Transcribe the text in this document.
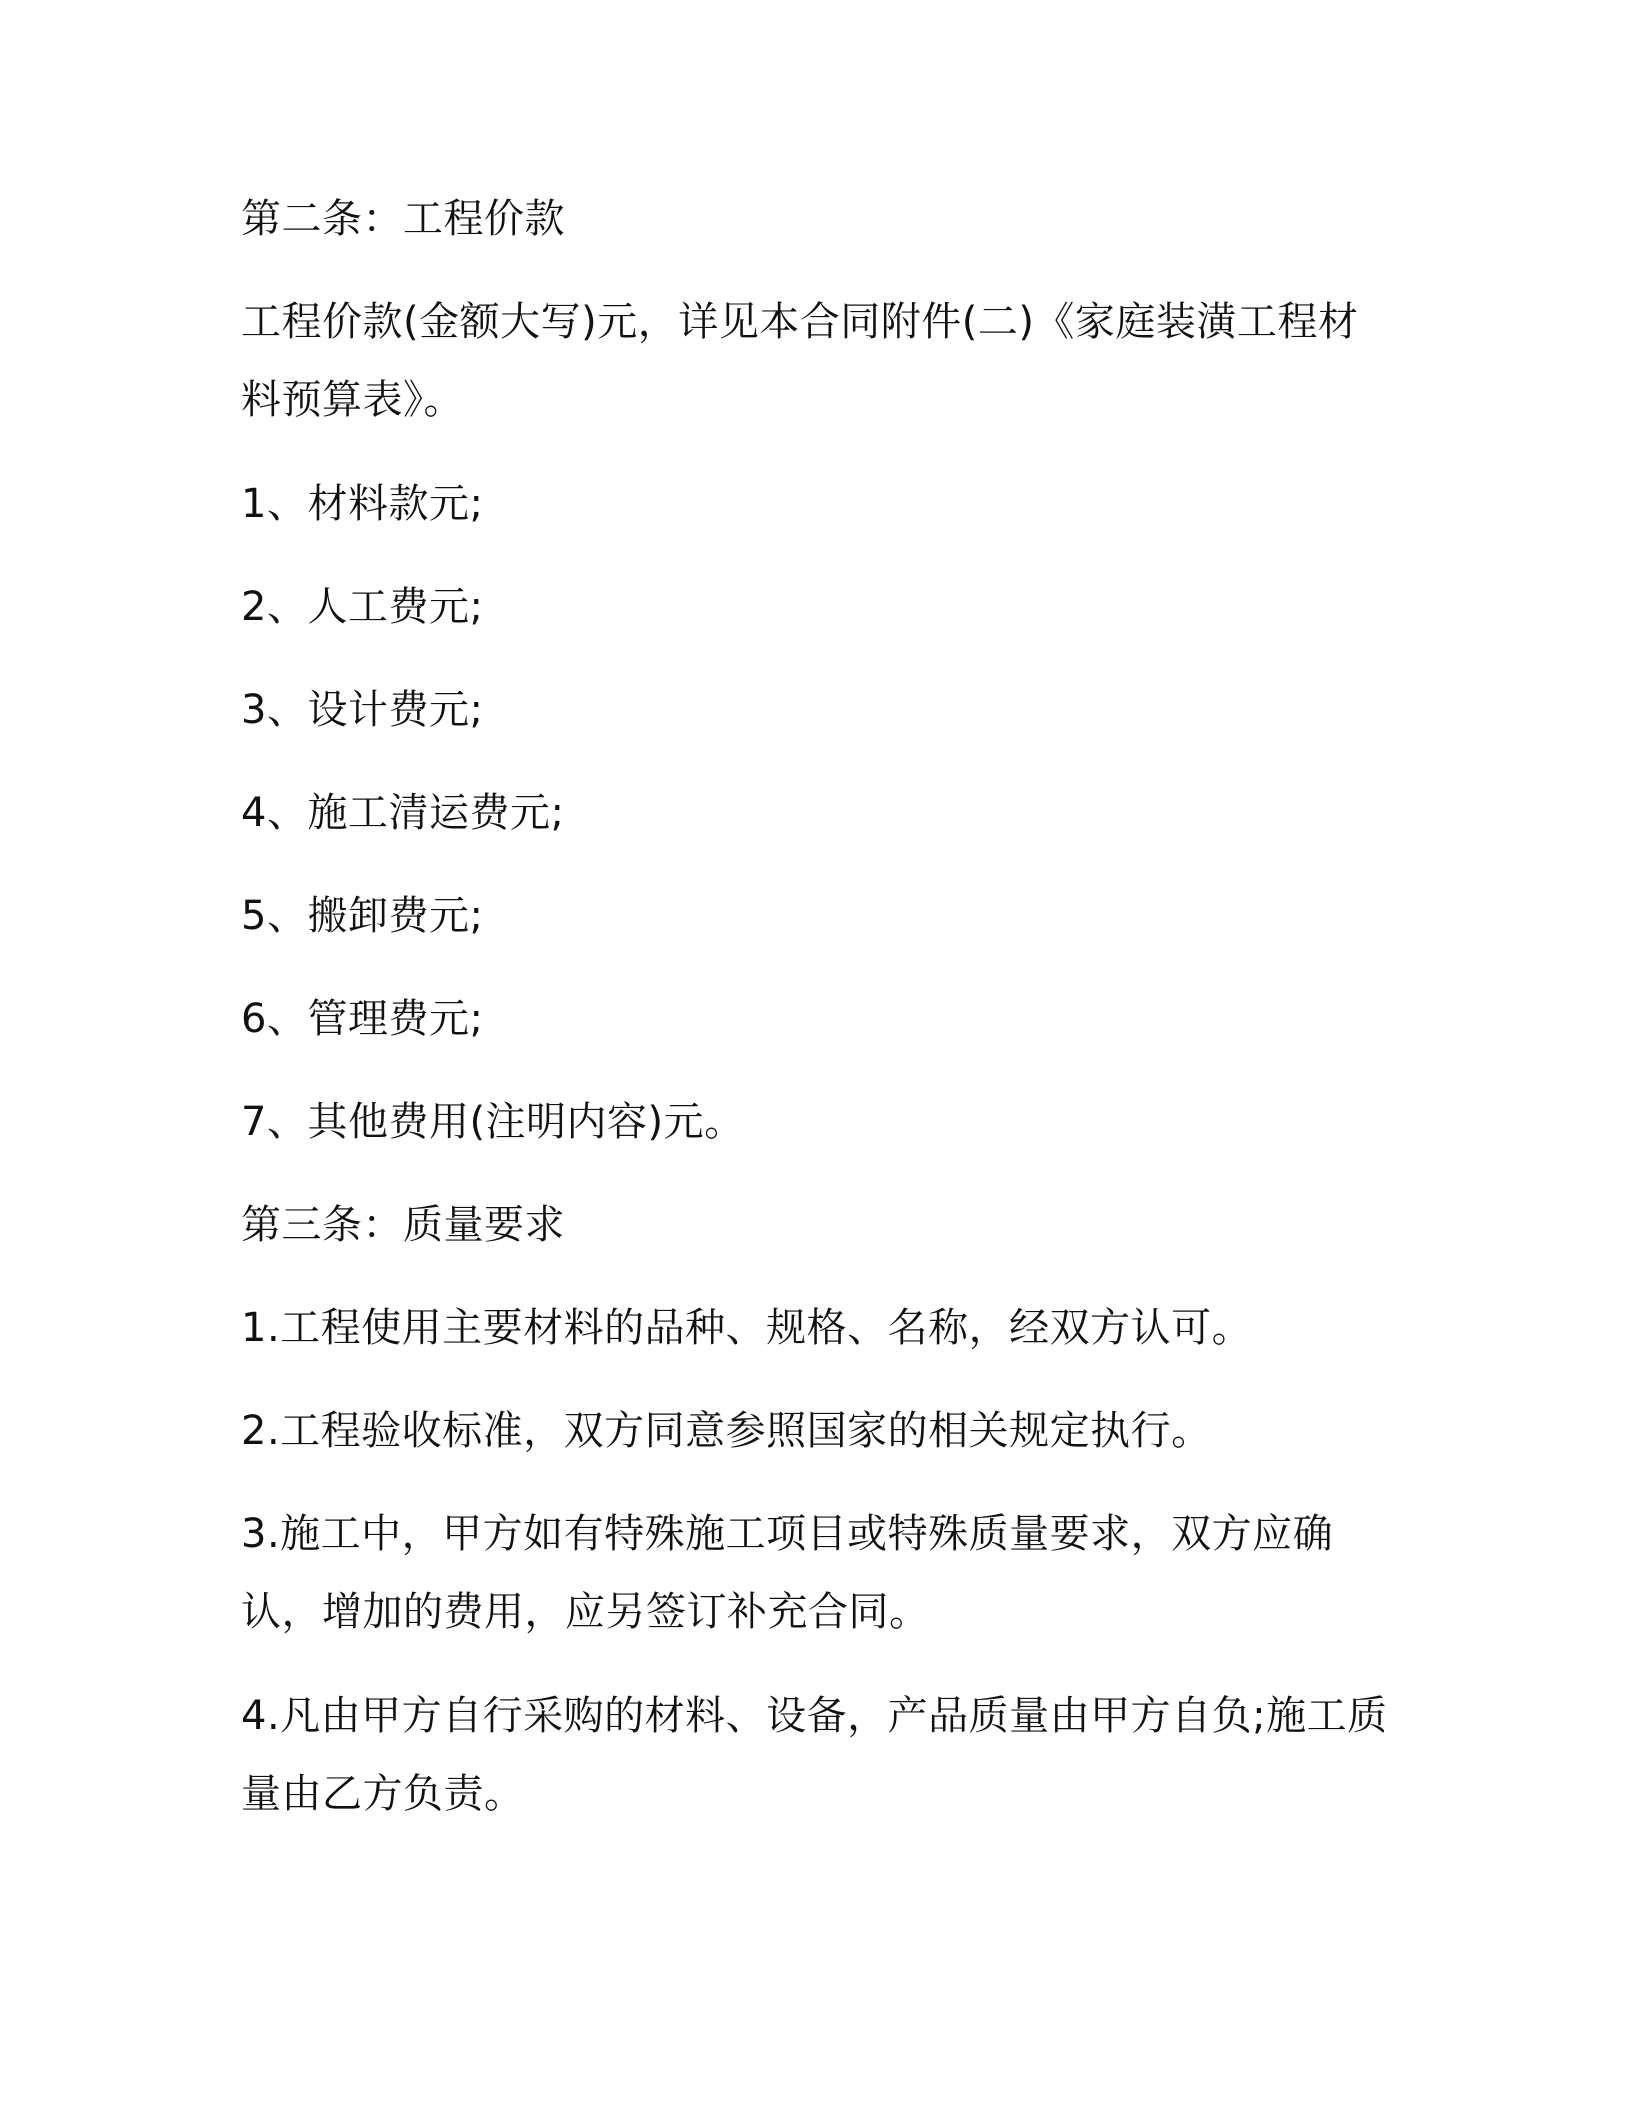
第二条：工程价款
工程价款(金额大写)元，详见本合同附件(二)《家庭装潢工程材料预算表》。
1、材料款元;
2、人工费元;
3、设计费元;
4、施工清运费元;
5、搬卸费元;
6、管理费元;
7、其他费用(注明内容)元。
第三条：质量要求
1.工程使用主要材料的品种、规格、名称，经双方认可。
2.工程验收标准，双方同意参照国家的相关规定执行。
3.施工中，甲方如有特殊施工项目或特殊质量要求，双方应确认，增加的费用，应另签订补充合同。
4.凡由甲方自行采购的材料、设备，产品质量由甲方自负;施工质量由乙方负责。
